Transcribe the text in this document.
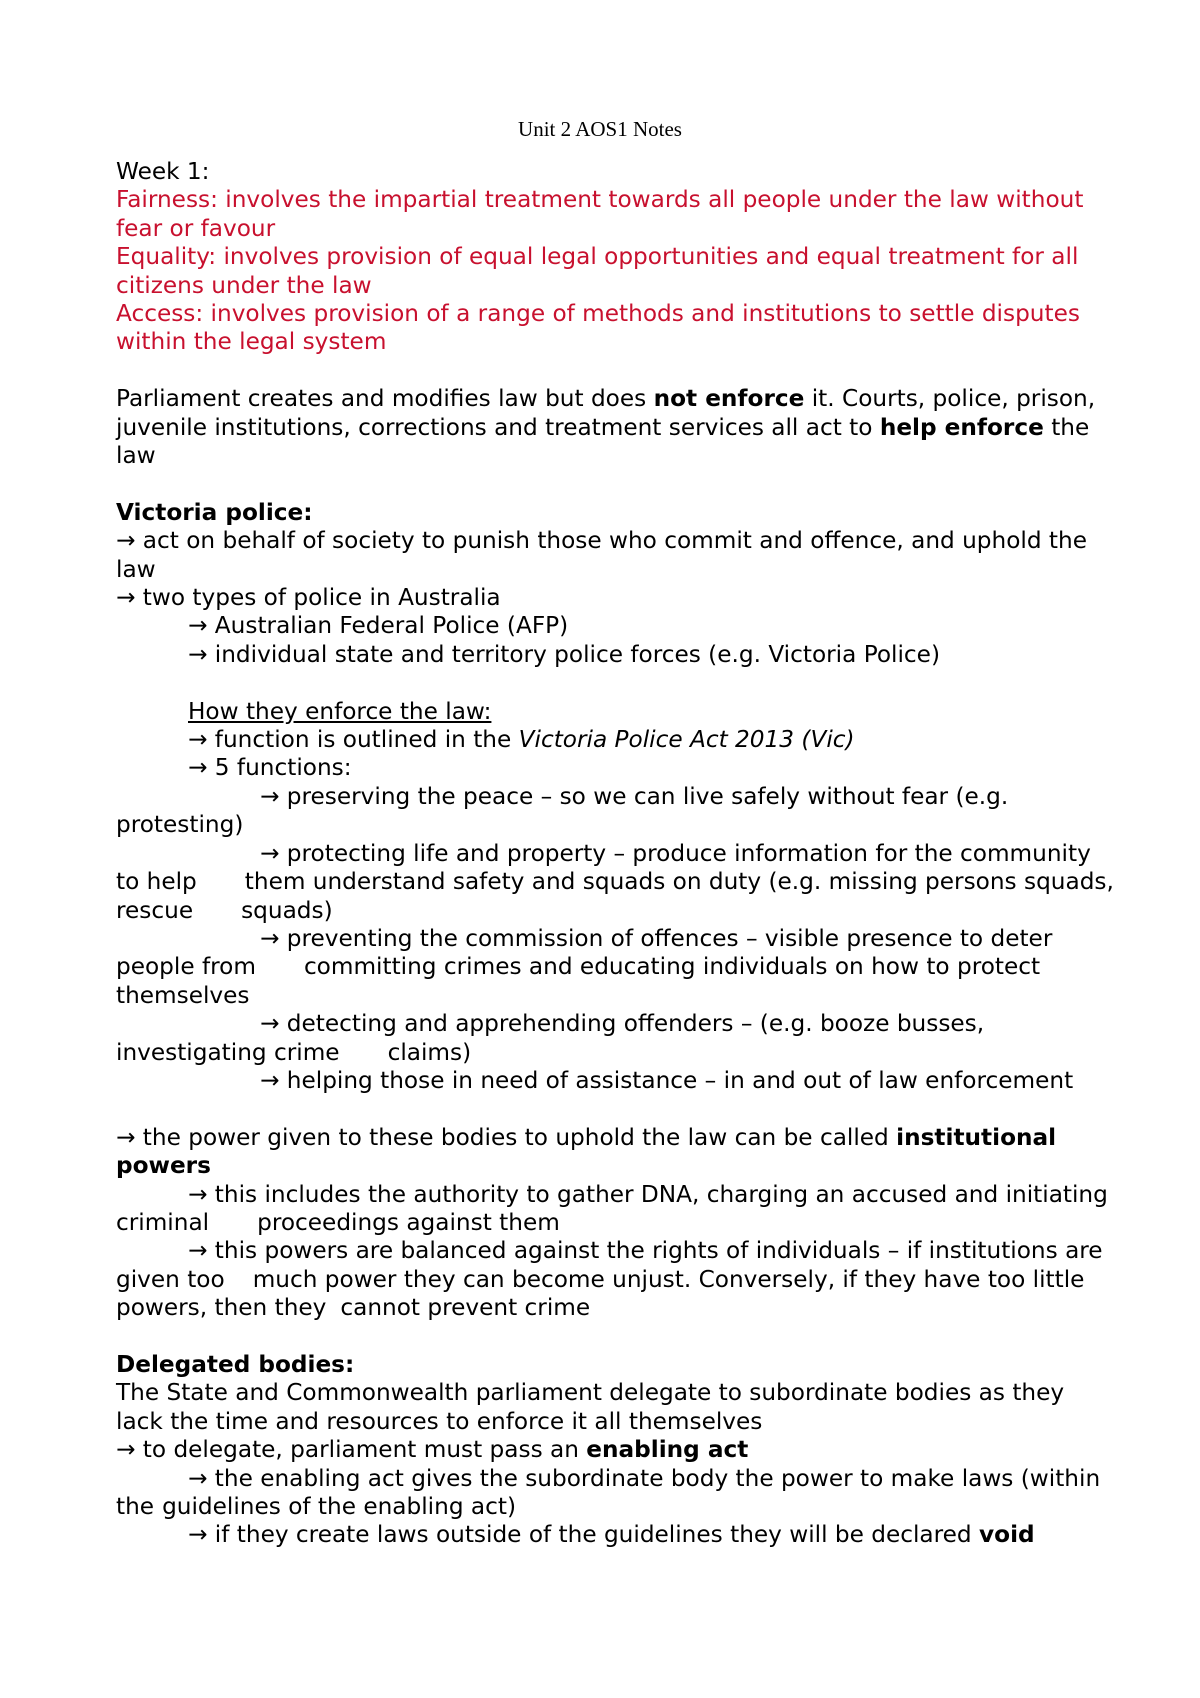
Unit 2 AOS1 Notes

Week 1:

Fairness: involves the impartial treatment towards all people under the law without fear or favour

Equality: involves provision of equal legal opportunities and equal treatment for all citizens under the law

Access: involves provision of a range of methods and institutions to settle disputes within the legal system

Parliament creates and modifies law but does not enforce it. Courts, police, prison, juvenile institutions, corrections and treatment services all act to help enforce the law

Victoria police:

→ act on behalf of society to punish those who commit and offence, and uphold the law

→ two types of police in Australia

→ Australian Federal Police (AFP)

→ individual state and territory police forces (e.g. Victoria Police)

How they enforce the law:

→ function is outlined in the Victoria Police Act 2013 (Vic)

→ 5 functions:

→ preserving the peace – so we can live safely without fear (e.g. protesting)

→ protecting life and property – produce information for the community to help them understand safety and squads on duty (e.g. missing persons squads, rescue squads)

→ preventing the commission of offences – visible presence to deter people from committing crimes and educating individuals on how to protect themselves

→ detecting and apprehending offenders – (e.g. booze busses, investigating crime claims)

→ helping those in need of assistance – in and out of law enforcement

→ the power given to these bodies to uphold the law can be called institutional powers

→ this includes the authority to gather DNA, charging an accused and initiating criminal proceedings against them

→ this powers are balanced against the rights of individuals – if institutions are given too much power they can become unjust. Conversely, if they have too little powers, then they cannot prevent crime

Delegated bodies:

The State and Commonwealth parliament delegate to subordinate bodies as they lack the time and resources to enforce it all themselves

→ to delegate, parliament must pass an enabling act

→ the enabling act gives the subordinate body the power to make laws (within the guidelines of the enabling act)

→ if they create laws outside of the guidelines they will be declared void
